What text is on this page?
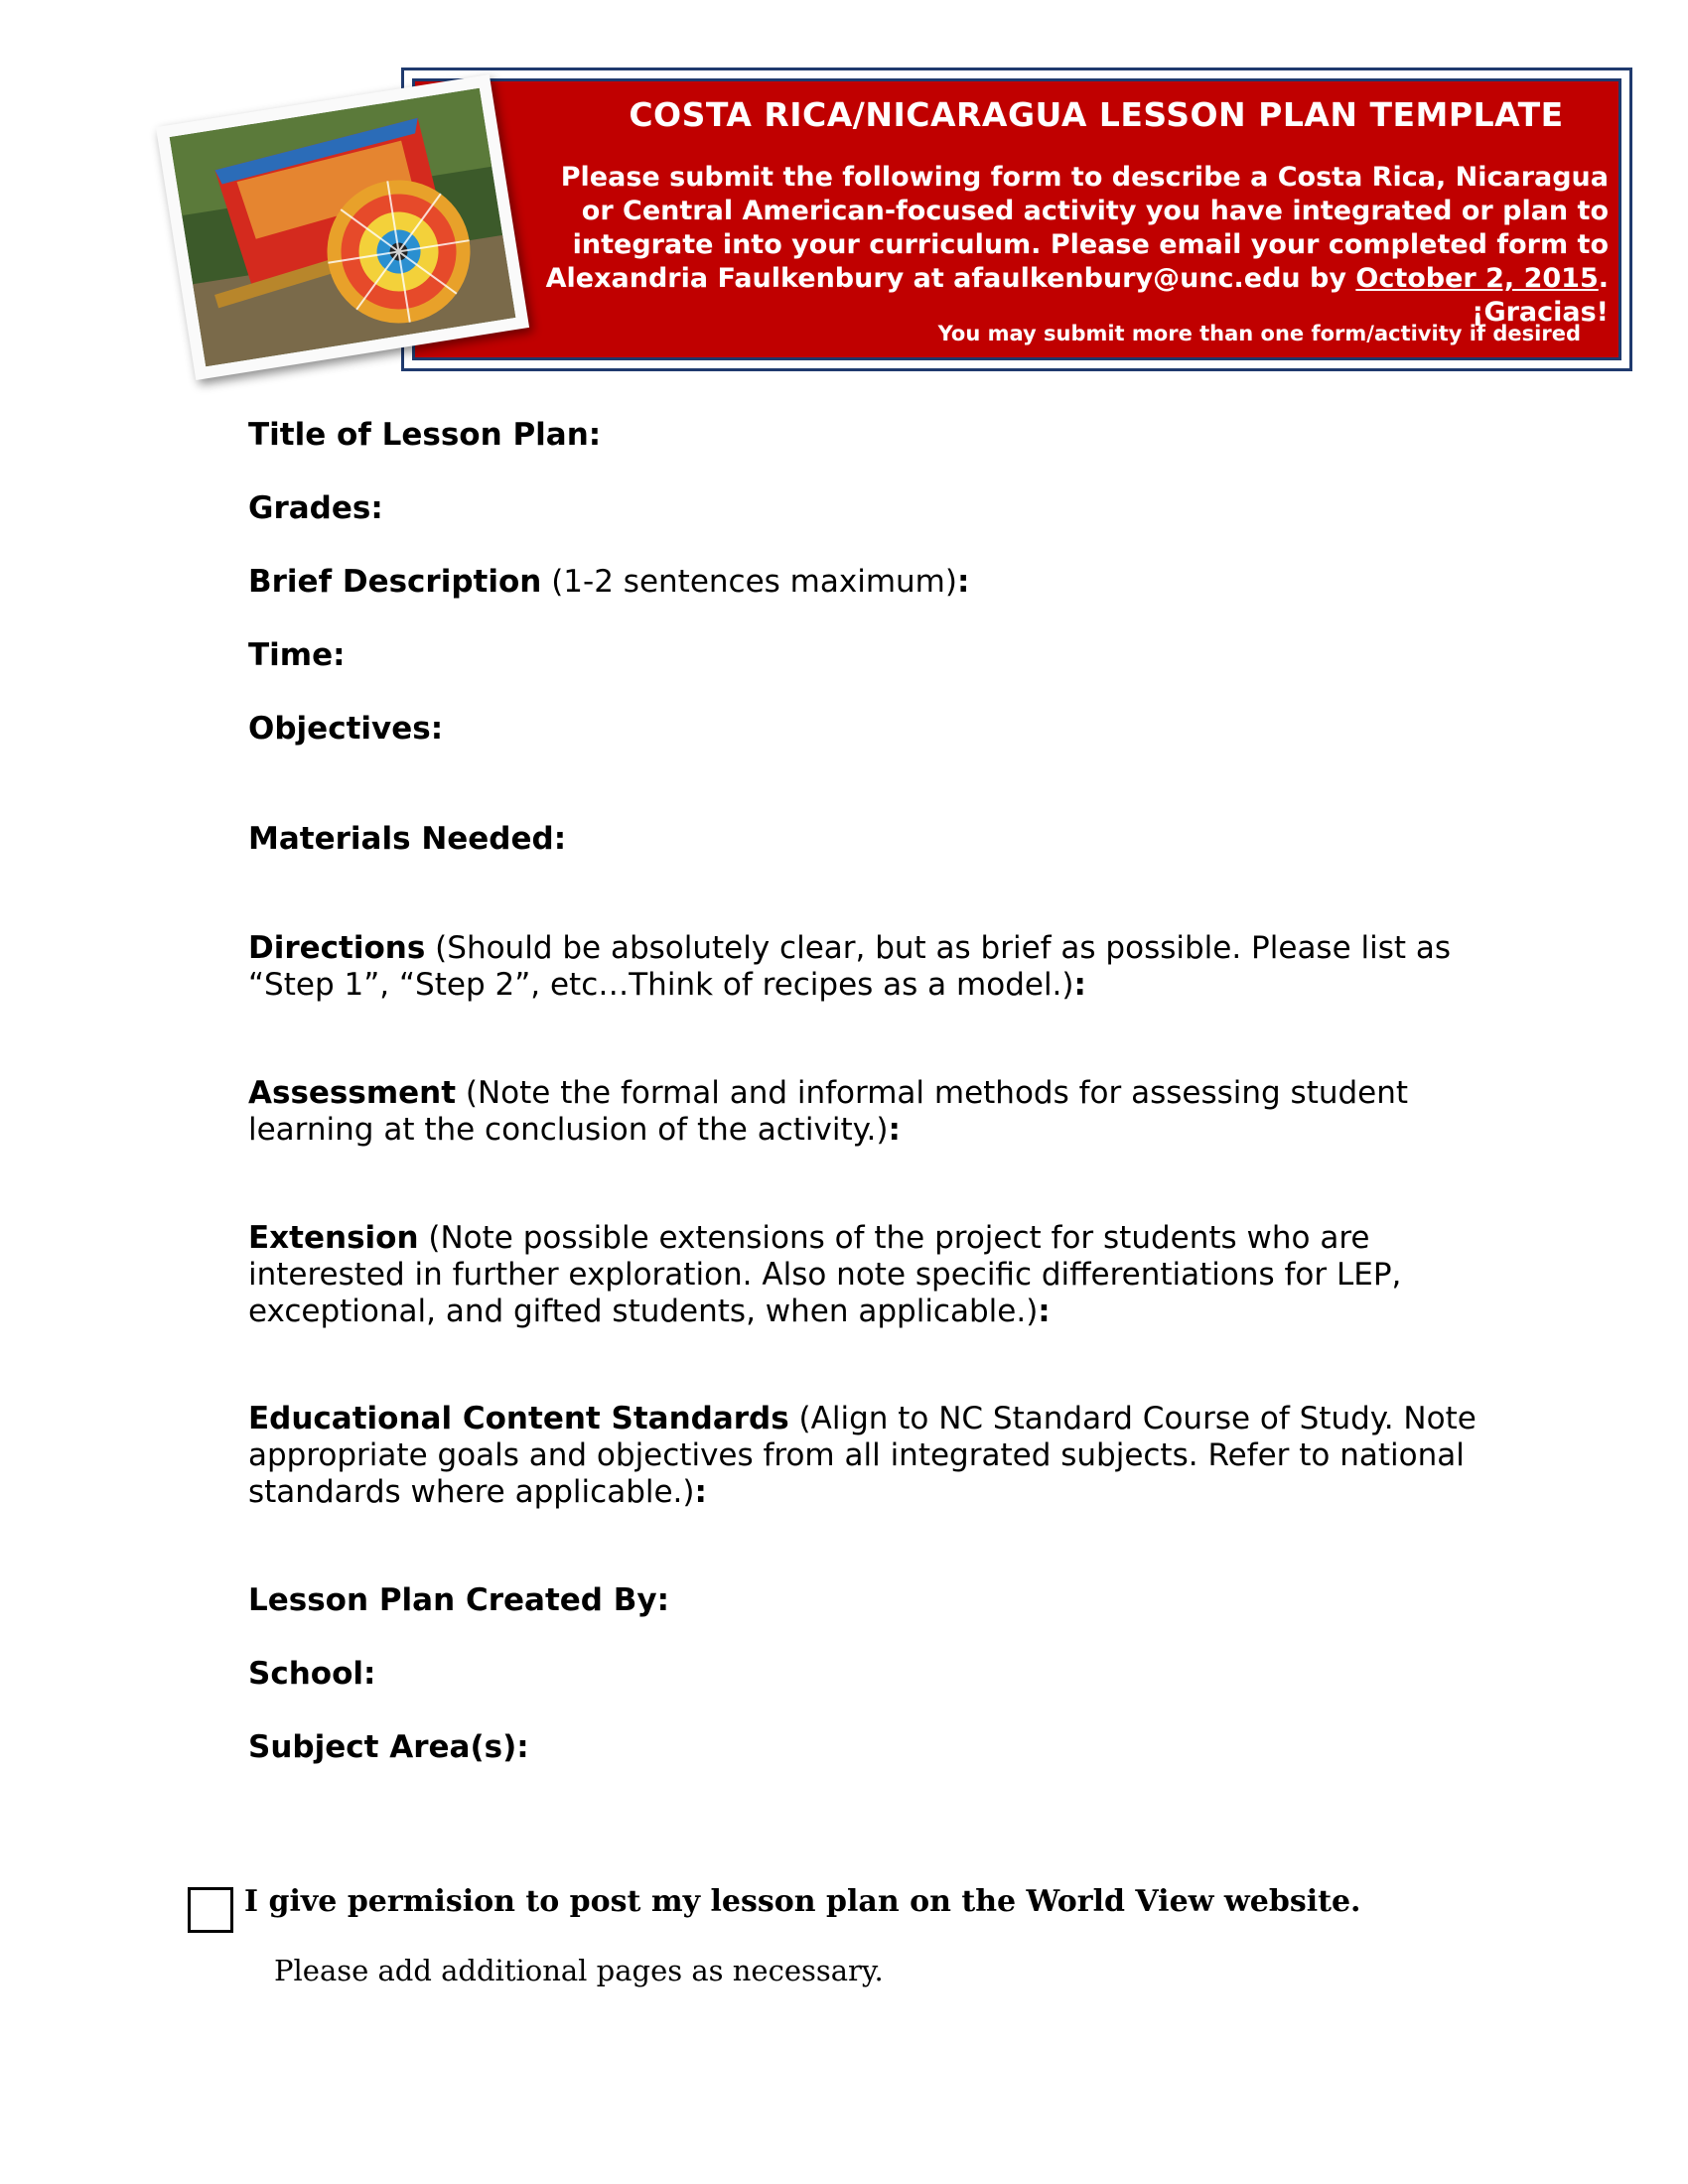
COSTA RICA/NICARAGUA LESSON PLAN TEMPLATE
Please submit the following form to describe a Costa Rica, Nicaragua
or Central American-focused activity you have integrated or plan to
integrate into your curriculum. Please email your completed form to
Alexandria Faulkenbury at afaulkenbury@unc.edu by October 2, 2015.
¡Gracias!
You may submit more than one form/activity if desired
Title of Lesson Plan:
Grades:
Brief Description (1-2 sentences maximum):
Time:
Objectives:
Materials Needed:
Directions (Should be absolutely clear, but as brief as possible. Please list as “Step 1”, “Step 2”, etc…Think of recipes as a model.):
Assessment (Note the formal and informal methods for assessing student learning at the conclusion of the activity.):
Extension (Note possible extensions of the project for students who are interested in further exploration. Also note specific differentiations for LEP, exceptional, and gifted students, when applicable.):
Educational Content Standards (Align to NC Standard Course of Study. Note appropriate goals and objectives from all integrated subjects. Refer to national standards where applicable.):
Lesson Plan Created By:
School:
Subject Area(s):
I give permision to post my lesson plan on the World View website.
Please add additional pages as necessary.
